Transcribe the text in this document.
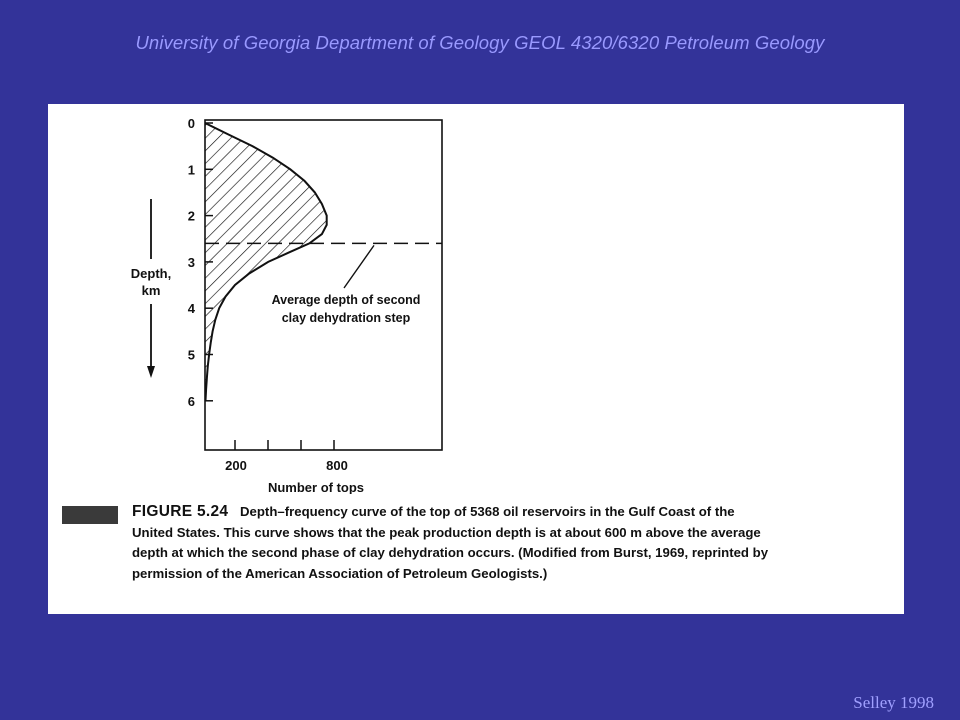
University of Georgia Department of Geology GEOL 4320/6320 Petroleum Geology
0
1
2
3
4
5
6
200	800
Number of tops
Depth,
km
Average depth of second
clay dehydration step
FIGURE 5.24 Depth–frequency curve of the top of 5368 oil reservoirs in the Gulf Coast of the
United States. This curve shows that the peak production depth is at about 600 m above the average
depth at which the second phase of clay dehydration occurs. (Modified from Burst, 1969, reprinted by
permission of the American Association of Petroleum Geologists.)
Selley 1998
